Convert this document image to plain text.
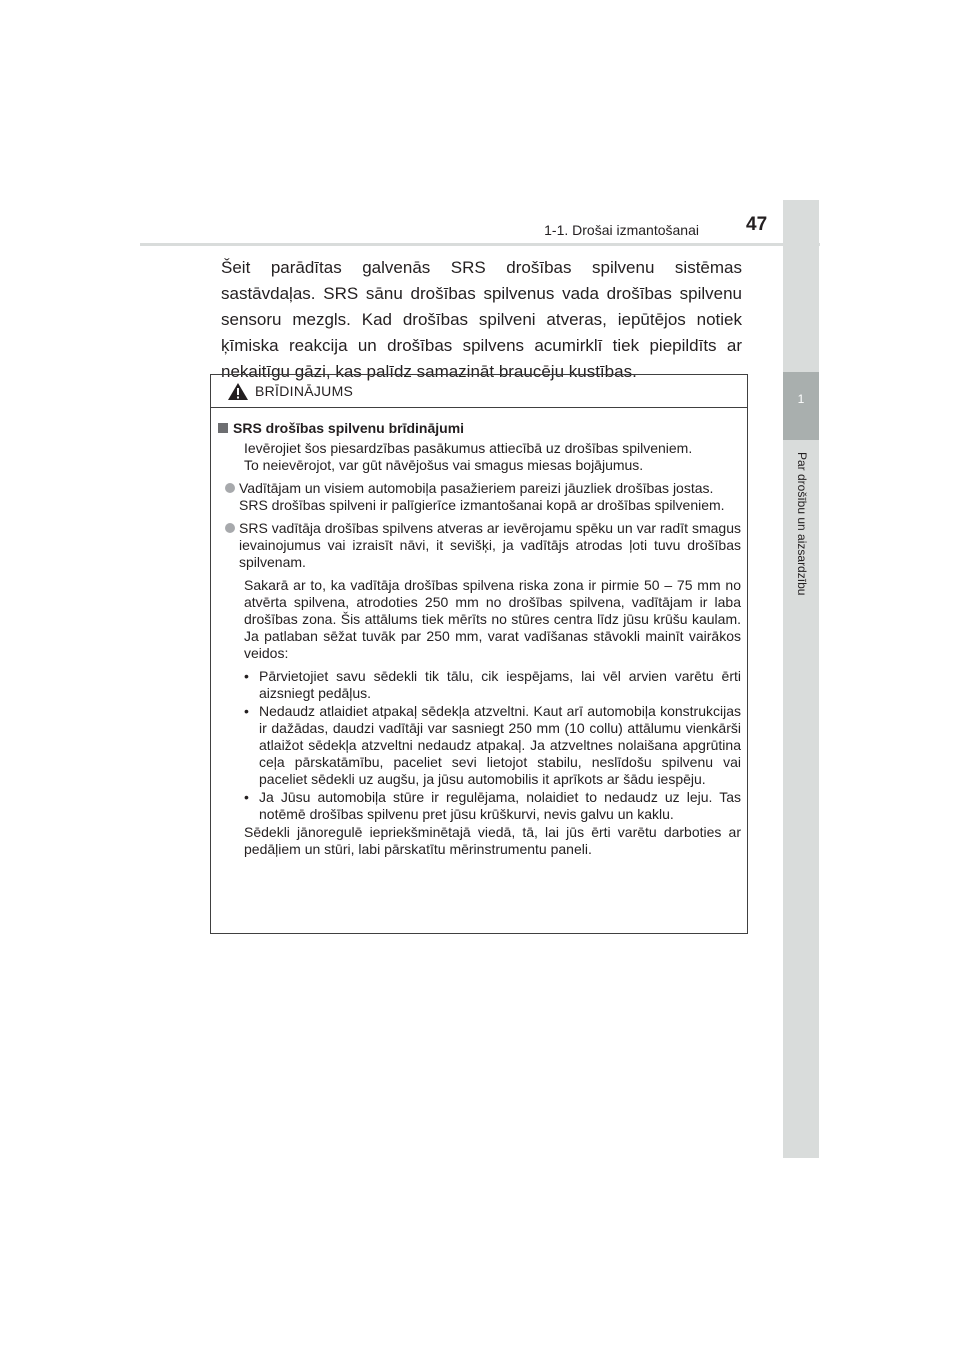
1
Par drošību un aizsardzību
1-1. Drošai izmantošanai 47

Šeit parādītas galvenās SRS drošības spilvenu sistēmas sastāvdaļas. SRS sānu drošības spilvenus vada drošības spilvenu sensoru mezgls. Kad drošības spilveni atveras, iepūtējos notiek ķīmiska reakcija un drošības spilvens acumirklī tiek piepildīts ar nekaitīgu gāzi, kas palīdz samazināt braucēju kustības.

BRĪDINĀJUMS
SRS drošības spilvenu brīdinājumi

Ievērojiet šos piesardzības pasākumus attiecībā uz drošības spilveniem.
To neievērojot, var gūt nāvējošus vai smagus miesas bojājumus.

Vadītājam un visiem automobiļa pasažieriem pareizi jāuzliek drošības jostas.
SRS drošības spilveni ir palīgierīce izmantošanai kopā ar drošības spilveniem.
SRS vadītāja drošības spilvens atveras ar ievērojamu spēku un var radīt smagus ievainojumus vai izraisīt nāvi, it sevišķi, ja vadītājs atrodas ļoti tuvu drošības spilvenam.

Sakarā ar to, ka vadītāja drošības spilvena riska zona ir pirmie 50 – 75 mm no atvērta spilvena, atrodoties 250 mm no drošības spilvena, vadītājam ir laba drošības zona. Šis attālums tiek mērīts no stūres centra līdz jūsu krūšu kaulam. Ja patlaban sēžat tuvāk par 250 mm, varat vadīšanas stāvokli mainīt vairākos veidos:

• Pārvietojiet savu sēdekli tik tālu, cik iespējams, lai vēl arvien varētu ērti aizsniegt pedāļus.
• Nedaudz atlaidiet atpakaļ sēdekļa atzveltni. Kaut arī automobiļa konstrukcijas ir dažādas, daudzi vadītāji var sasniegt 250 mm (10 collu) attālumu vienkārši atlaižot sēdekļa atzveltni nedaudz atpakaļ. Ja atzveltnes nolaišana apgrūtina ceļa pārskatāmību, paceliet sevi lietojot stabilu, neslīdošu spilvenu vai paceliet sēdekli uz augšu, ja jūsu automobilis it aprīkots ar šādu iespēju.
• Ja Jūsu automobiļa stūre ir regulējama, nolaidiet to nedaudz uz leju. Tas notēmē drošības spilvenu pret jūsu krūškurvi, nevis galvu un kaklu.

Sēdekli jānoregulē iepriekšminētajā viedā, tā, lai jūs ērti varētu darboties ar pedāļiem un stūri, labi pārskatītu mērinstrumentu paneli.
